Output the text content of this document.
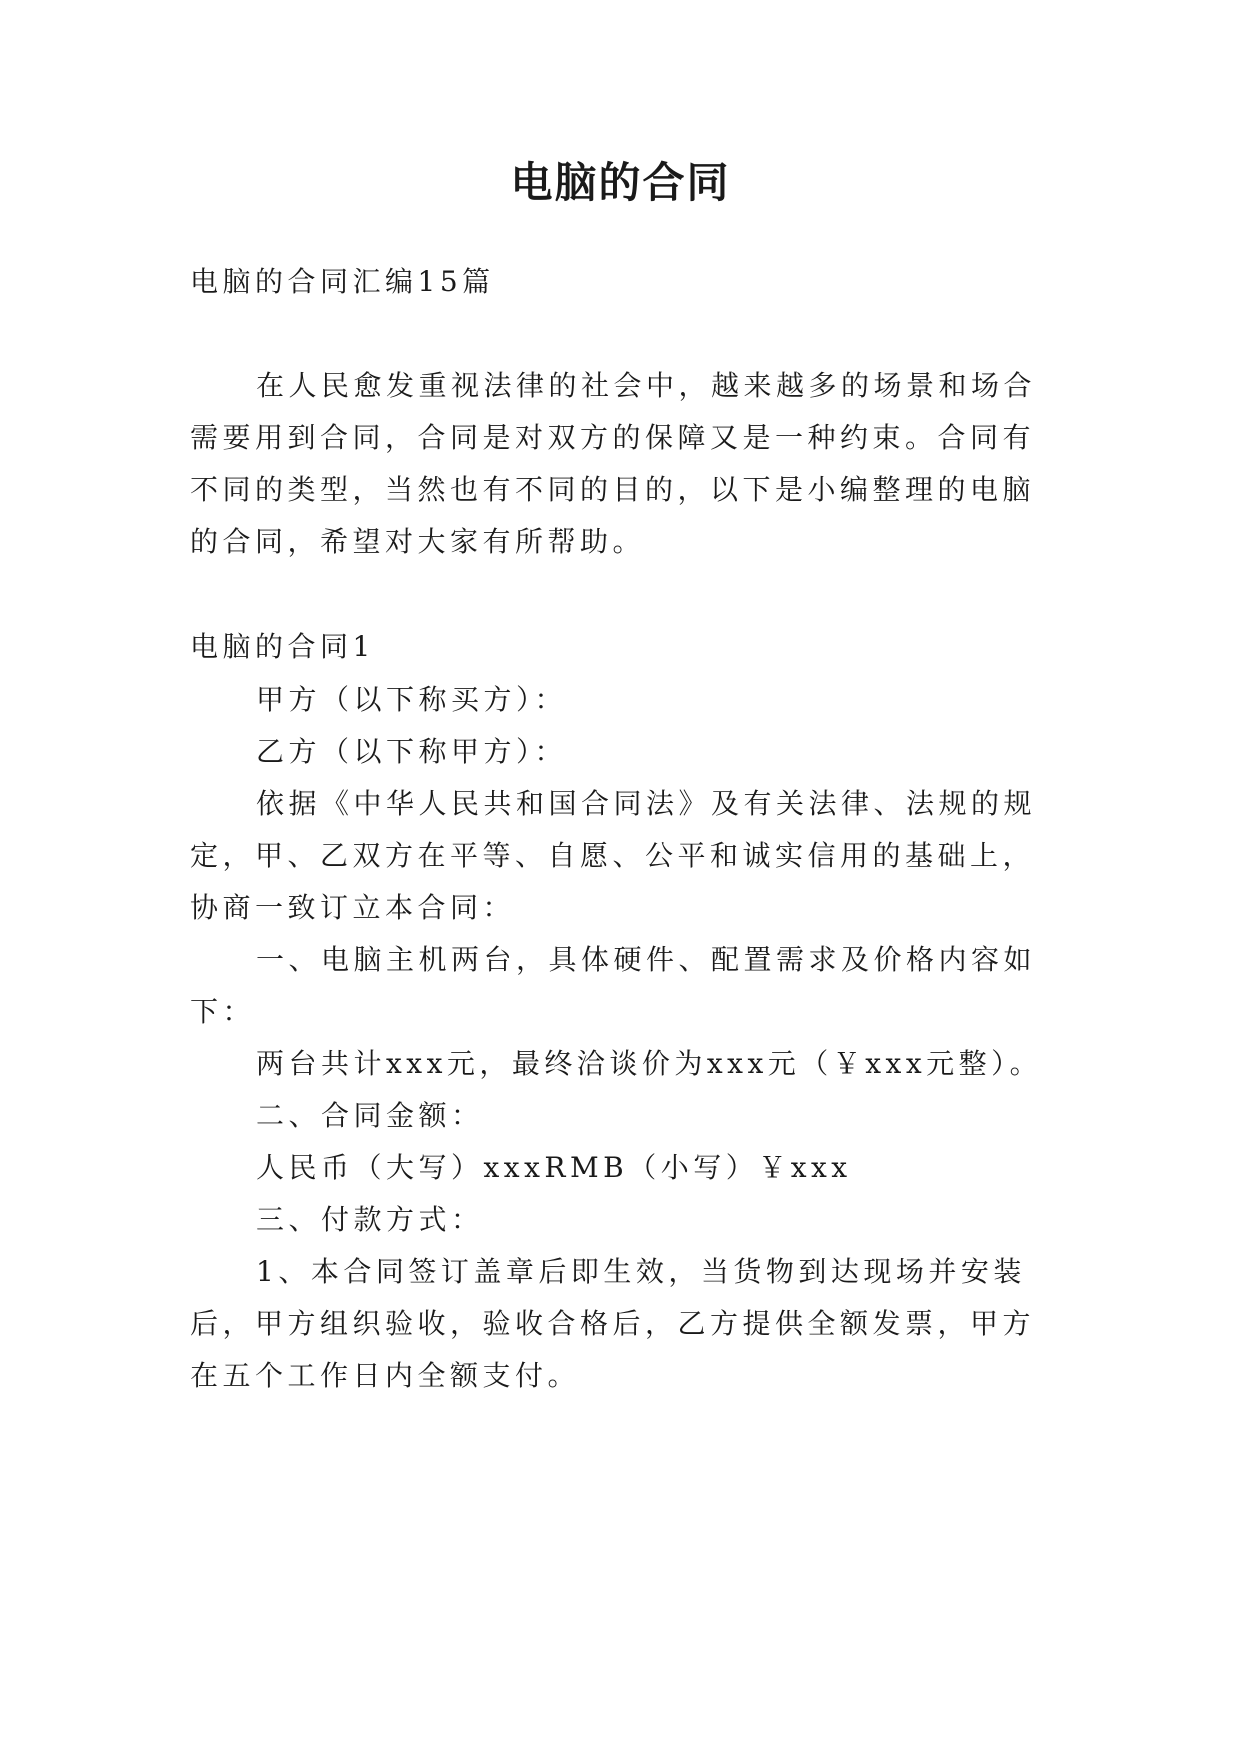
电脑的合同

电脑的合同汇编15篇

在人民愈发重视法律的社会中，越来越多的场景和场合

需要用到合同，合同是对双方的保障又是一种约束。合同有

不同的类型，当然也有不同的目的，以下是小编整理的电脑

的合同，希望对大家有所帮助。

电脑的合同1

甲方（以下称买方）：

乙方（以下称甲方）：

依据《中华人民共和国合同法》及有关法律、法规的规

定，甲、乙双方在平等、自愿、公平和诚实信用的基础上，

协商一致订立本合同：

一、电脑主机两台，具体硬件、配置需求及价格内容如

下：

两台共计xxx元，最终洽谈价为xxx元（￥xxx元整）。

二、合同金额：

人民币（大写）xxxRMB（小写）￥xxx

三、付款方式：

1、本合同签订盖章后即生效，当货物到达现场并安装

后，甲方组织验收，验收合格后，乙方提供全额发票，甲方

在五个工作日内全额支付。
